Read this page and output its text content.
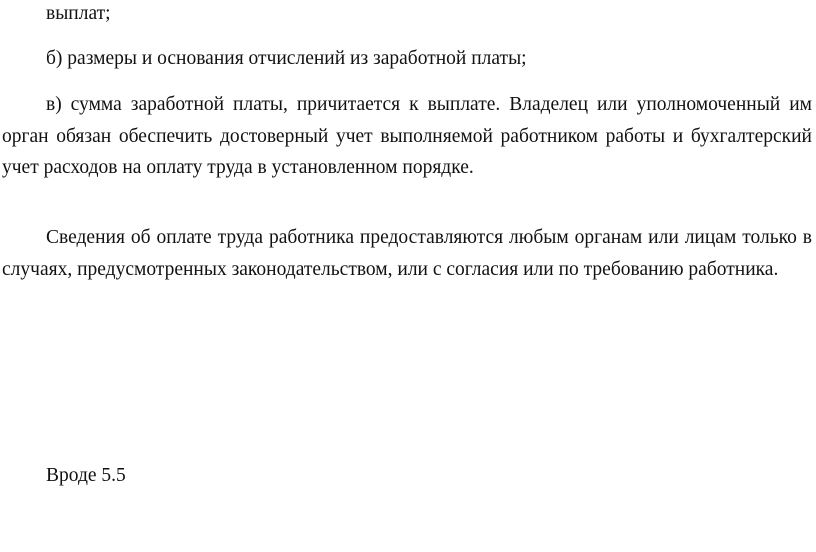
выплат;

б) размеры и основания отчислений из заработной платы;

в) сумма заработной платы, причитается к выплате. Владелец или уполномоченный им орган обязан обеспечить достоверный учет выполняемой работником работы и бухгалтерский учет расходов на оплату труда в установленном порядке.

Сведения об оплате труда работника предоставляются любым органам или лицам только в случаях, предусмотренных законодательством, или с согласия или по требованию работника.

Вроде 5.5
